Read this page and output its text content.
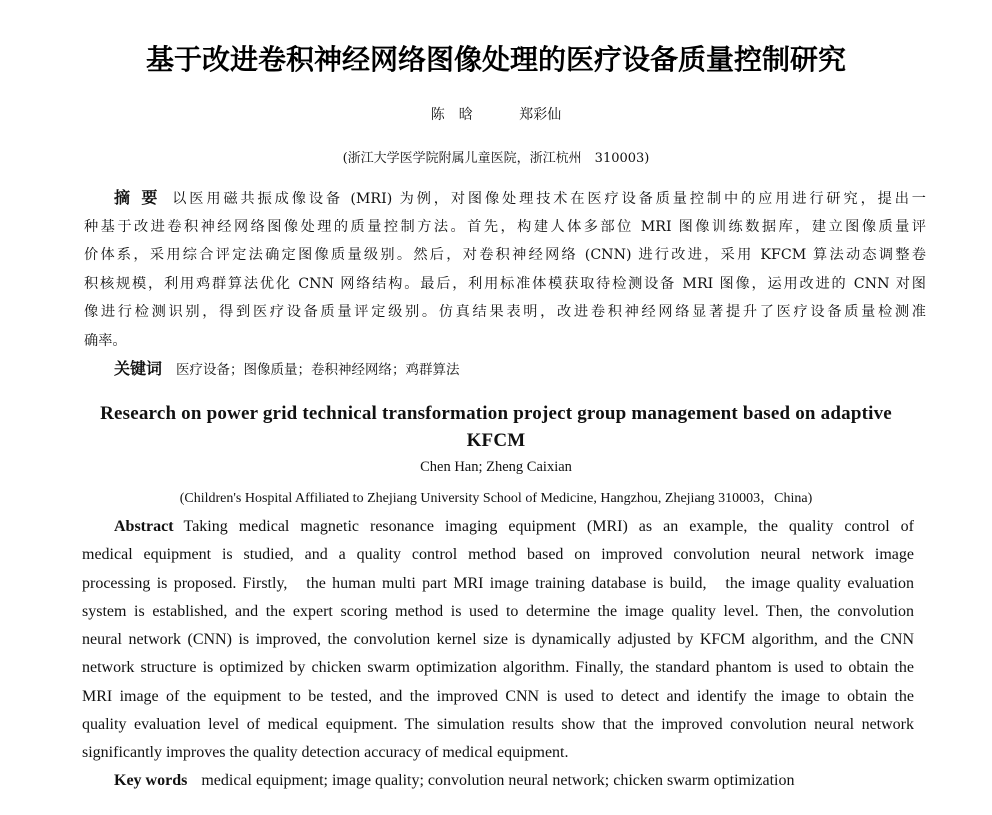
基于改进卷积神经网络图像处理的医疗设备质量控制研究
陈　晗	郑彩仙
(浙江大学医学院附属儿童医院，浙江杭州　310003)
摘 要 以医用磁共振成像设备 (MRI) 为例，对图像处理技术在医疗设备质量控制中的应用进行研究，提出一
种基于改进卷积神经网络图像处理的质量控制方法。首先，构建人体多部位 MRI 图像训练数据库，建立图像质量评
价体系，采用综合评定法确定图像质量级别。然后，对卷积神经网络 (CNN) 进行改进，采用 KFCM 算法动态调整卷
积核规模，利用鸡群算法优化 CNN 网络结构。最后，利用标准体模获取待检测设备 MRI 图像，运用改进的 CNN 对图
像进行检测识别，得到医疗设备质量评定级别。仿真结果表明，改进卷积神经网络显著提升了医疗设备质量检测准
确率。
关键词 医疗设备；图像质量；卷积神经网络；鸡群算法
Research on power grid technical transformation project group management based on adaptive
KFCM
Chen Han; Zheng Caixian
(Children's Hospital Affiliated to Zhejiang University School of Medicine, Hangzhou, Zhejiang 310003，China)
Abstract Taking medical magnetic resonance imaging equipment (MRI) as an example, the quality control of
medical equipment is studied, and a quality control method based on improved convolution neural network image
processing is proposed. Firstly,   the human multi part MRI image training database is build,   the image quality evaluation
system is established, and the expert scoring method is used to determine the image quality level. Then, the convolution
neural network (CNN) is improved, the convolution kernel size is dynamically adjusted by KFCM algorithm, and the CNN
network structure is optimized by chicken swarm optimization algorithm. Finally, the standard phantom is used to obtain the
MRI image of the equipment to be tested, and the improved CNN is used to detect and identify the image to obtain the
quality evaluation level of medical equipment. The simulation results show that the improved convolution neural network
significantly improves the quality detection accuracy of medical equipment.
Key words medical equipment; image quality; convolution neural network; chicken swarm optimization
